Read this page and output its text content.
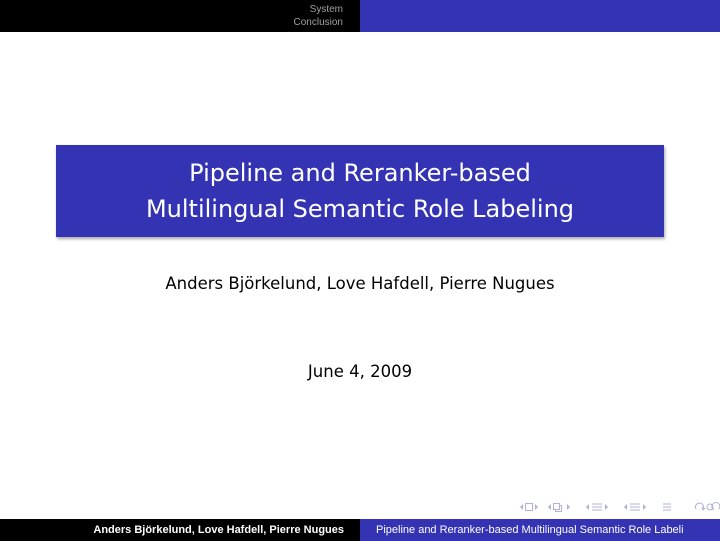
System
Conclusion
Pipeline and Reranker-based
Multilingual Semantic Role Labeling
Anders Björkelund, Love Hafdell, Pierre Nugues
June 4, 2009
Anders Björkelund, Love Hafdell, Pierre Nugues	Pipeline and Reranker-based Multilingual Semantic Role Labeli
